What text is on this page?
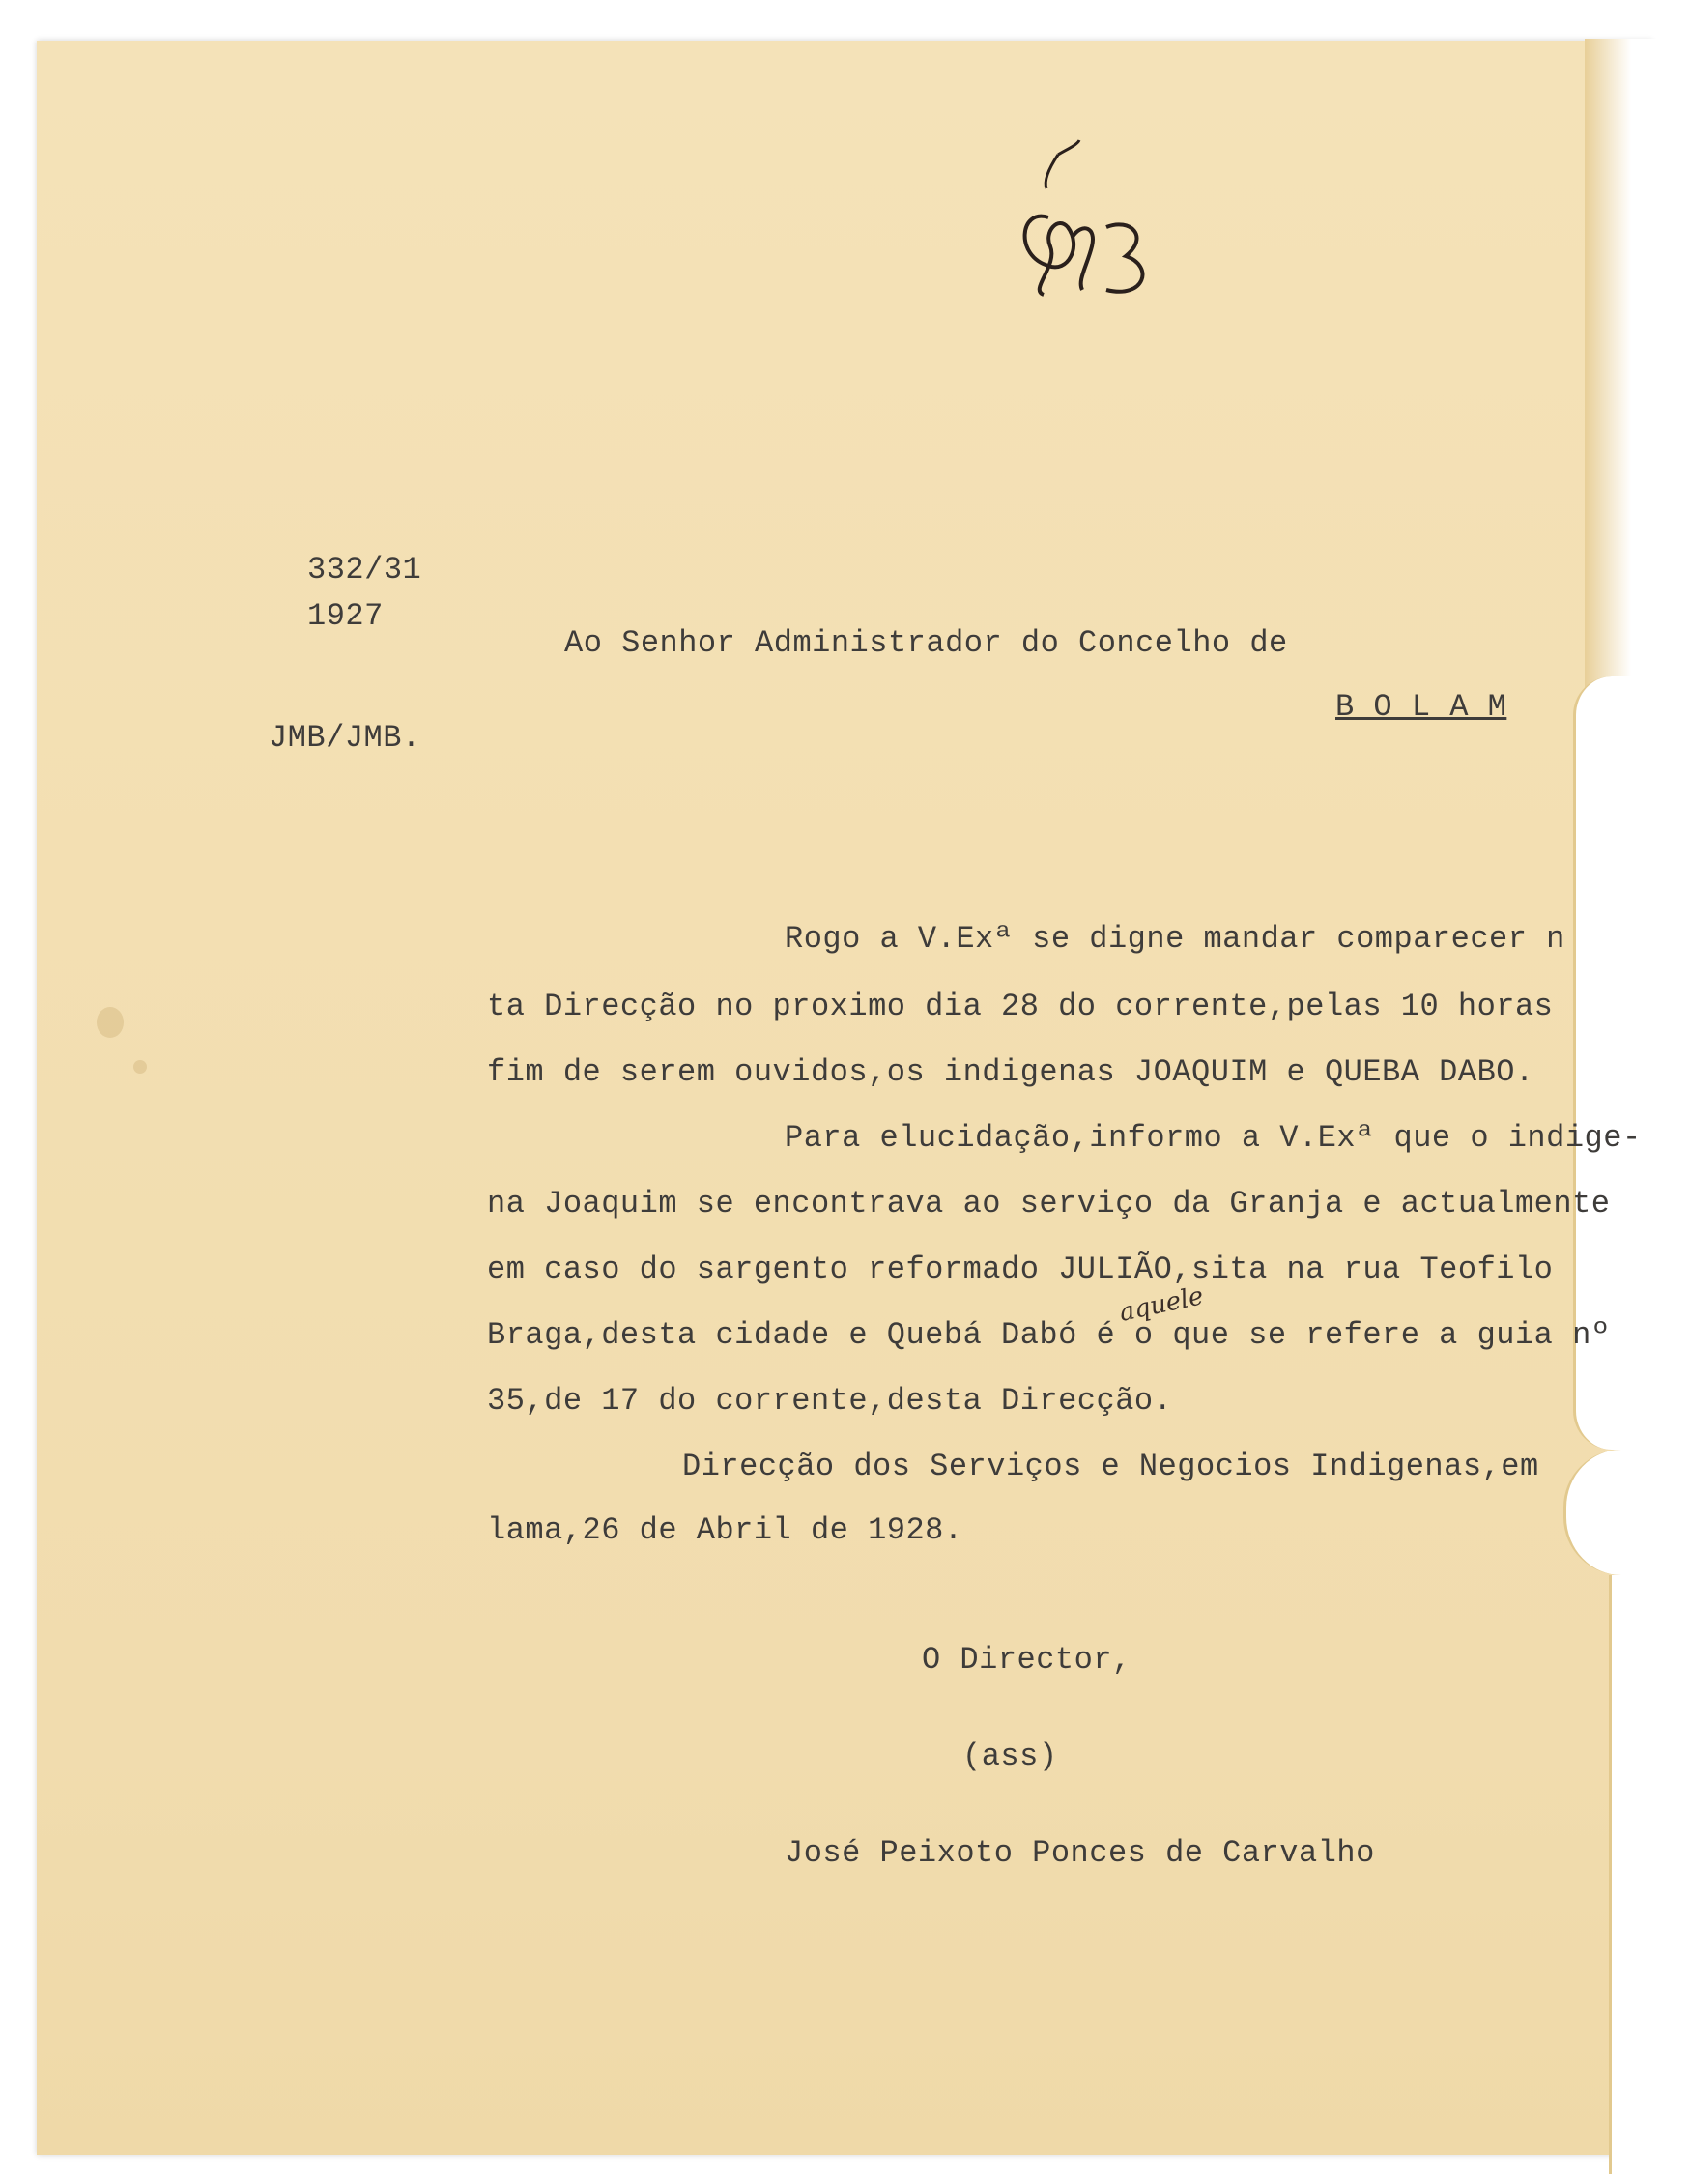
332/31
1927
JMB/JMB.
Ao Senhor Administrador do Concelho de
B O L A M
Rogo a V.Exª se digne mandar comparecer n
ta Direcção no proximo dia 28 do corrente,pelas 10 horas
fim de serem ouvidos,os indigenas JOAQUIM e QUEBA DABO.
Para elucidação,informo a V.Exª que o indige-
na Joaquim se encontrava ao serviço da Granja e actualmente
em caso do sargento reformado JULIÃO,sita na rua Teofilo
Braga,desta cidade e Quebá Dabó é o que se refere a guia nº
35,de 17 do corrente,desta Direcção.
Direcção dos Serviços e Negocios Indigenas,em
lama,26 de Abril de 1928.
aquele
O Director,
(ass)
José Peixoto Ponces de Carvalho
